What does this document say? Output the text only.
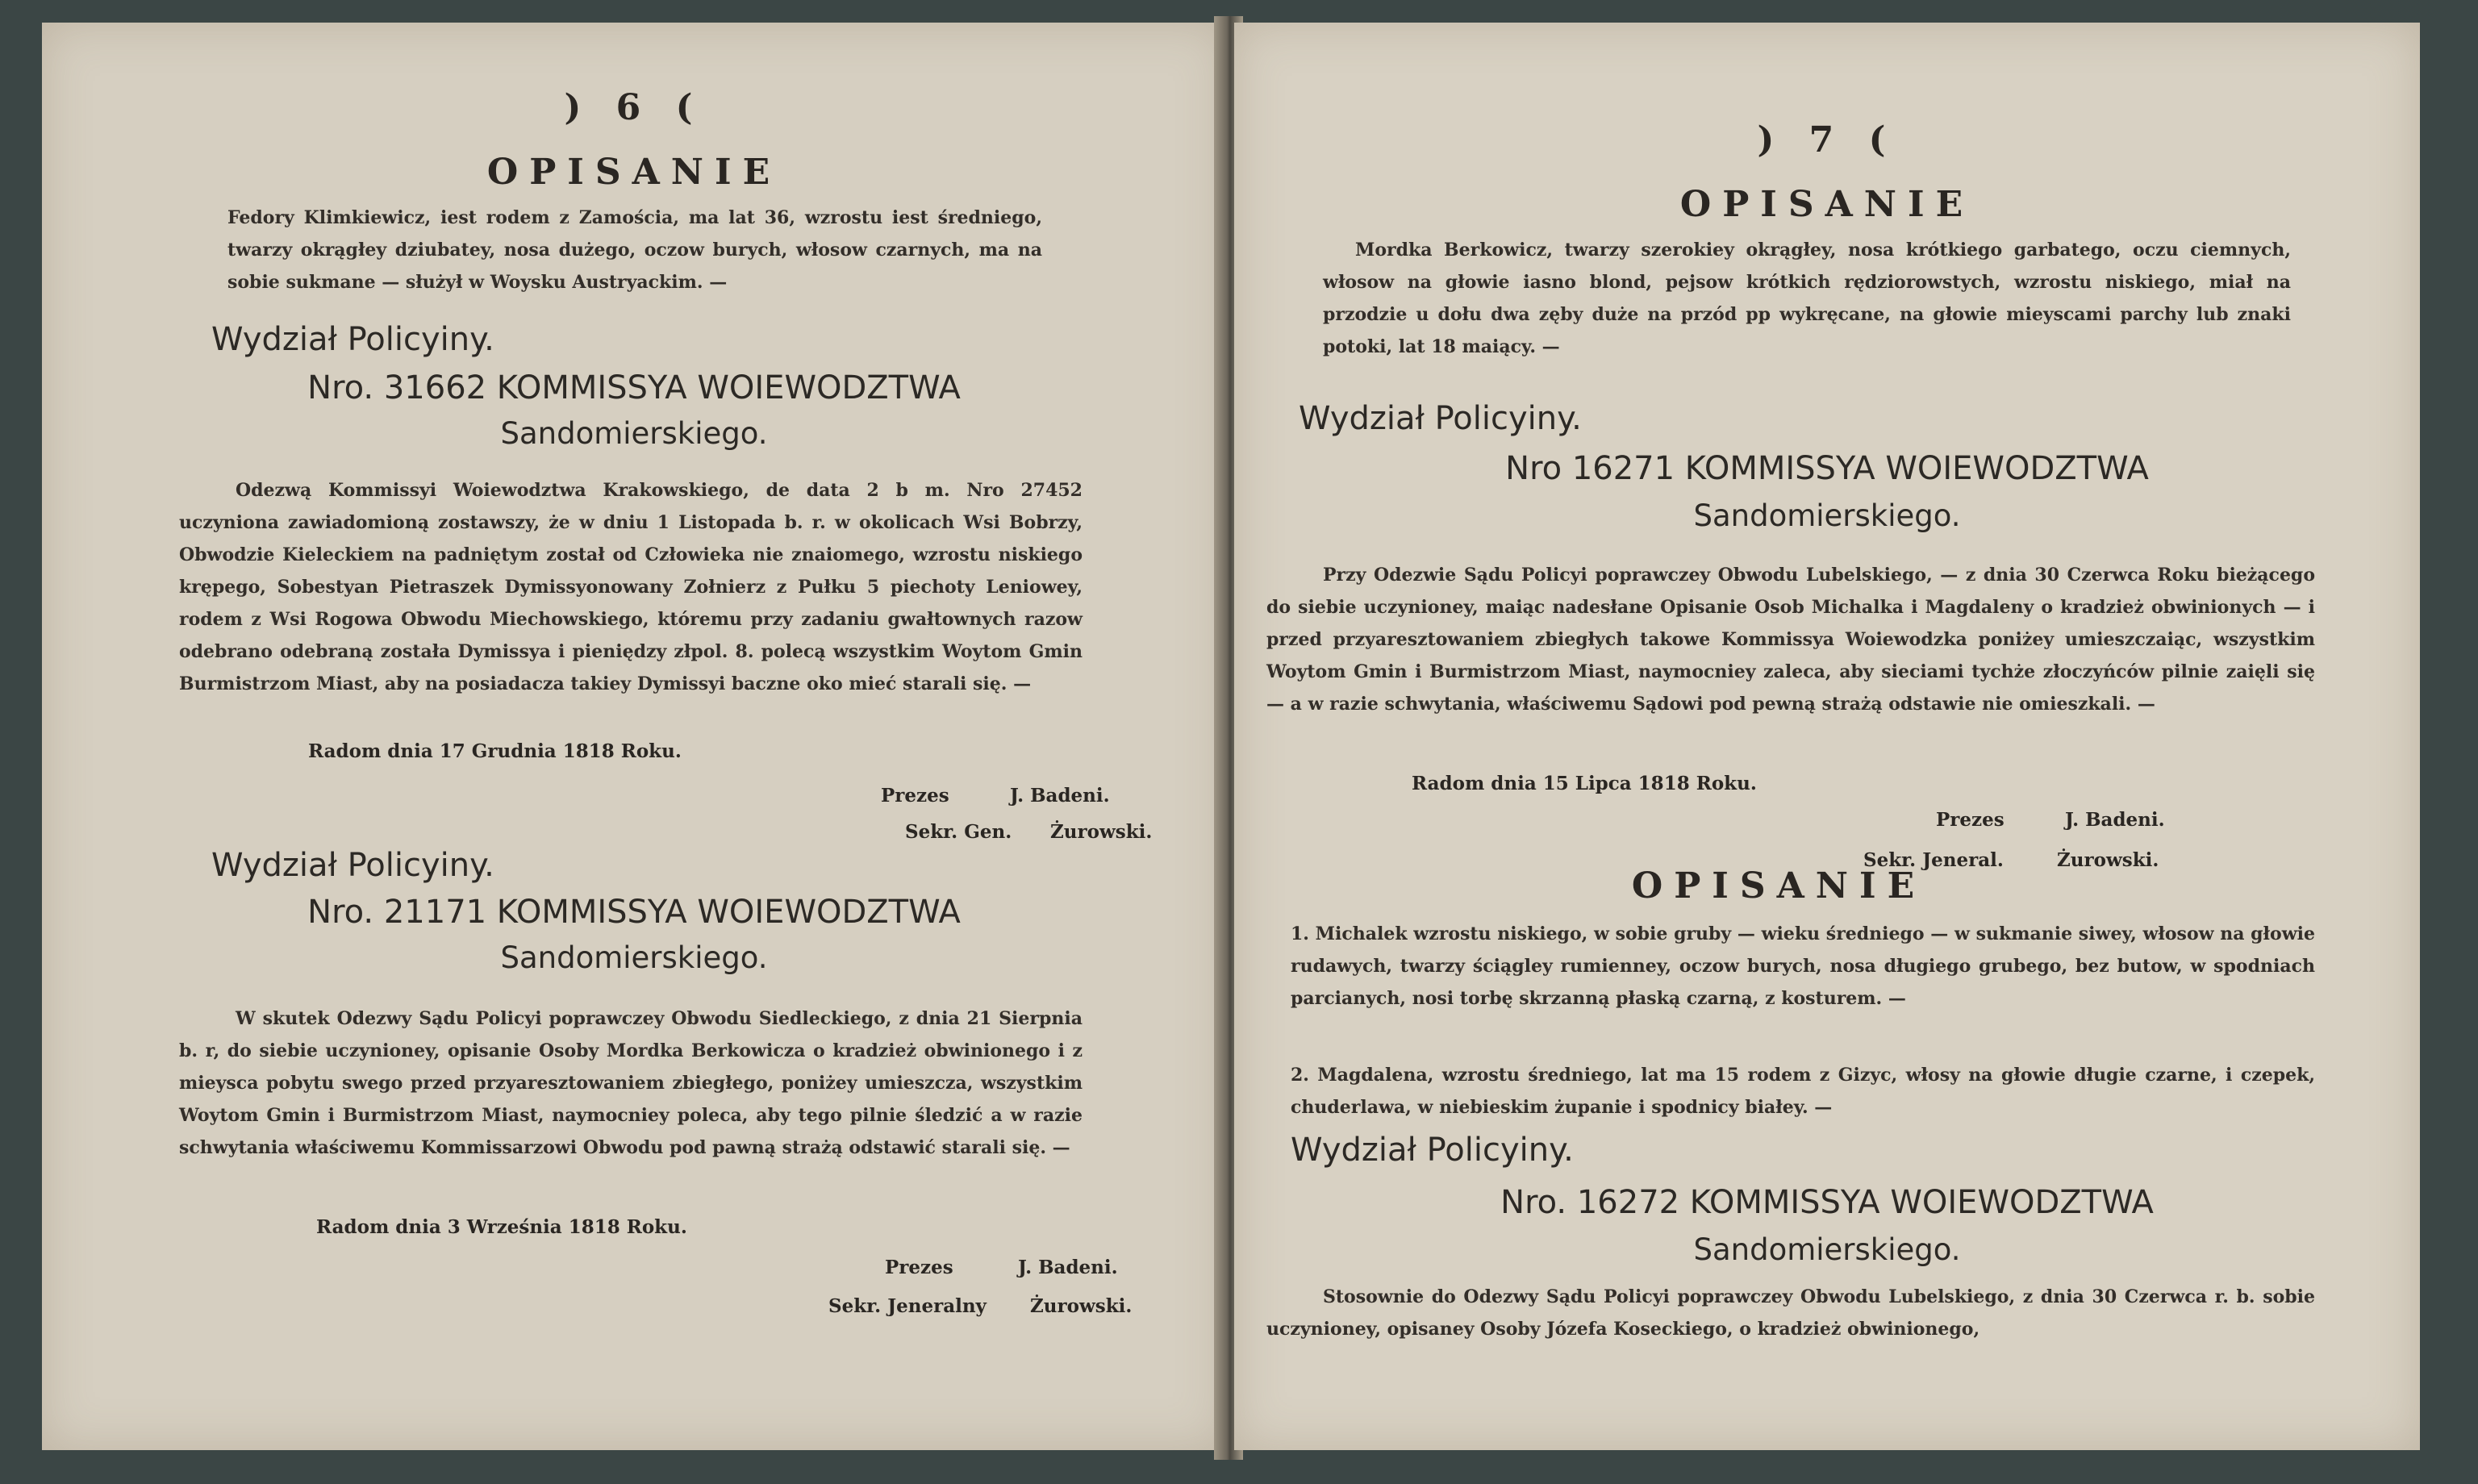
) 6 (
OPISANIE
Fedory Klimkiewicz, iest rodem z Zamościa, ma lat 36, wzrostu iest średniego, twarzy okrągłey dziubatey, nosa dużego, oczow burych, włosow czarnych, ma na sobie sukmane — służył w Woysku Austryackim. —
Wydział Policyiny.
Nro. 31662 KOMMISSYA WOIEWODZTWA
Sandomierskiego.
Odezwą Kommissyi Woiewodztwa Krakowskiego, de data 2 b m. Nro 27452 uczyniona zawiadomioną zostawszy, że w dniu 1 Listopada b. r. w okolicach Wsi Bobrzy, Obwodzie Kieleckiem na padniętym został od Człowieka nie znaiomego, wzrostu niskiego krępego, Sobestyan Pietraszek Dymissyonowany Zołnierz z Pułku 5 piechoty Leniowey, rodem z Wsi Rogowa Obwodu Miechowskiego, któremu przy zadaniu gwałtownych razow odebrano odebraną została Dymissya i pieniędzy złpol. 8. polecą wszystkim Woytom Gmin Burmistrzom Miast, aby na posiadacza takiey Dymissyi baczne oko mieć starali się. —
Radom dnia 17 Grudnia 1818 Roku.
Prezes	J. Badeni.
Sekr. Gen. Żurowski.
Wydział Policyiny.
Nro. 21171 KOMMISSYA WOIEWODZTWA
Sandomierskiego.
W skutek Odezwy Sądu Policyi poprawczey Obwodu Siedleckiego, z dnia 21 Sierpnia b. r, do siebie uczynioney, opisanie Osoby Mordka Berkowicza o kradzież obwinionego i z mieysca pobytu swego przed przyaresztowaniem zbiegłego, poniżey umieszcza, wszystkim Woytom Gmin i Burmistrzom Miast, naymocniey poleca, aby tego pilnie śledzić a w razie schwytania właściwemu Kommissarzowi Obwodu pod pawną strażą odstawić starali się. —
Radom dnia 3 Września 1818 Roku.
Prezes	J. Badeni.
Sekr. Jeneralny Żurowski.
) 7 (
OPISANIE
Mordka Berkowicz, twarzy szerokiey okrągłey, nosa krótkiego garbatego, oczu ciemnych, włosow na głowie iasno blond, pejsow krótkich rędziorowstych, wzrostu niskiego, miał na przodzie u dołu dwa zęby duże na przód pp wykręcane, na głowie mieyscami parchy lub znaki potoki, lat 18 maiący. —
Wydział Policyiny.
Nro 16271 KOMMISSYA WOIEWODZTWA
Sandomierskiego.
Przy Odezwie Sądu Policyi poprawczey Obwodu Lubelskiego, — z dnia 30 Czerwca Roku bieżącego do siebie uczynioney, maiąc nadesłane Opisanie Osob Michalka i Magdaleny o kradzież obwinionych — i przed przyaresztowaniem zbiegłych takowe Kommissya Woiewodzka poniżey umieszczaiąc, wszystkim Woytom Gmin i Burmistrzom Miast, naymocniey zaleca, aby sieciami tychże złoczyńców pilnie zaięli się — a w razie schwytania, właściwemu Sądowi pod pewną strażą odstawie nie omieszkali. —
Radom dnia 15 Lipca 1818 Roku.
Prezes	J. Badeni.
Sekr. Jeneral.	Żurowski.
OPISANIE
1. Michalek wzrostu niskiego, w sobie gruby — wieku średniego — w sukmanie siwey, włosow na głowie rudawych, twarzy ściągley rumienney, oczow burych, nosa długiego grubego, bez butow, w spodniach parcianych, nosi torbę skrzanną płaską czarną, z kosturem. —
2. Magdalena, wzrostu średniego, lat ma 15 rodem z Gizyc, włosy na głowie długie czarne, i czepek, chuderlawa, w niebieskim żupanie i spodnicy białey. —
Wydział Policyiny.
Nro. 16272 KOMMISSYA WOIEWODZTWA
Sandomierskiego.
Stosownie do Odezwy Sądu Policyi poprawczey Obwodu Lubelskiego, z dnia 30 Czerwca r. b. sobie uczynioney, opisaney Osoby Józefa Koseckiego, o kradzież obwinionego,
